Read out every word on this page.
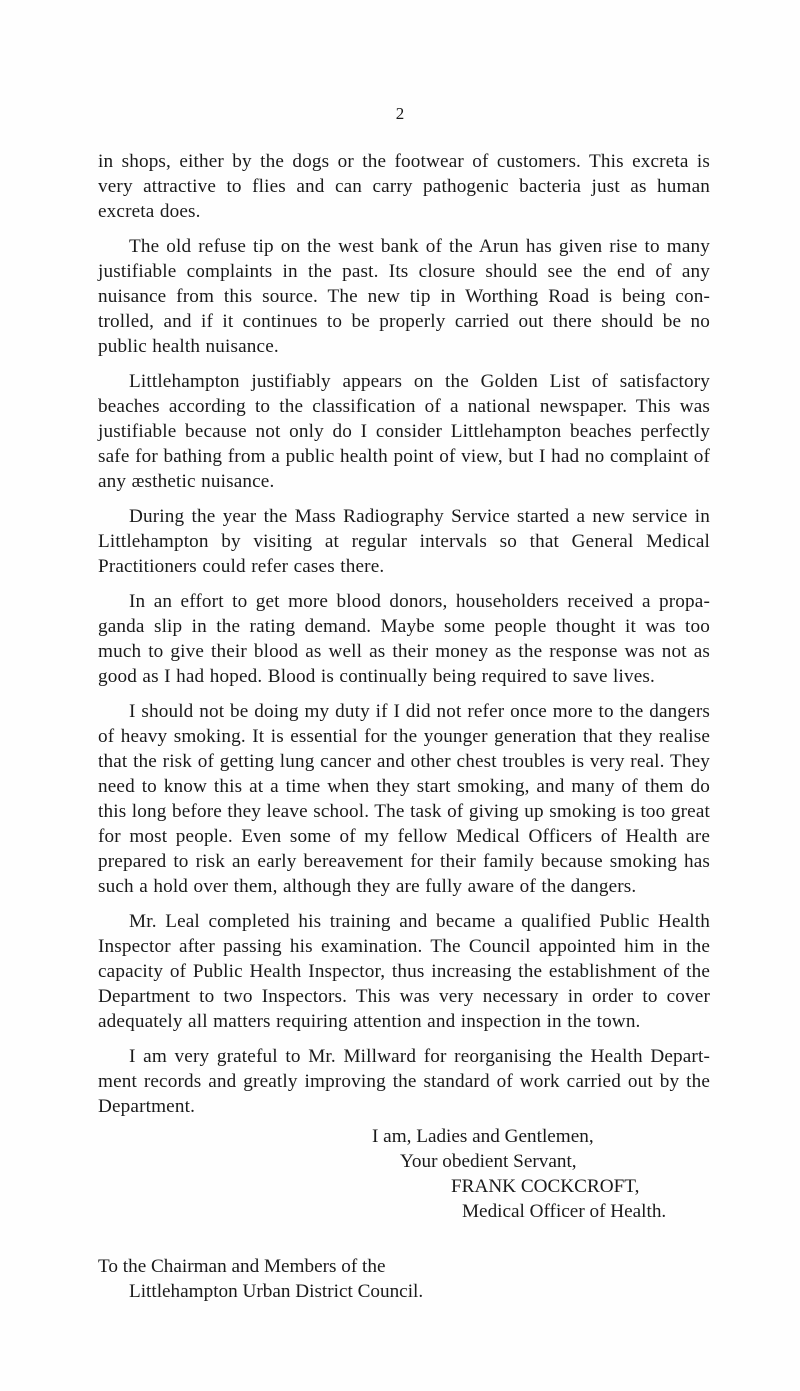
2

in shops, either by the dogs or the footwear of customers. This excreta is very attractive to flies and can carry pathogenic bacteria just as human excreta does.

The old refuse tip on the west bank of the Arun has given rise to many justifiable complaints in the past. Its closure should see the end of any nuisance from this source. The new tip in Worthing Road is being con- trolled, and if it continues to be properly carried out there should be no public health nuisance.

Littlehampton justifiably appears on the Golden List of satisfactory beaches according to the classification of a national newspaper. This was justifiable because not only do I consider Littlehampton beaches perfectly safe for bathing from a public health point of view, but I had no complaint of any æsthetic nuisance.

During the year the Mass Radiography Service started a new service in Littlehampton by visiting at regular intervals so that General Medical Practitioners could refer cases there.

In an effort to get more blood donors, householders received a propa- ganda slip in the rating demand. Maybe some people thought it was too much to give their blood as well as their money as the response was not as good as I had hoped. Blood is continually being required to save lives.

I should not be doing my duty if I did not refer once more to the dangers of heavy smoking. It is essential for the younger generation that they realise that the risk of getting lung cancer and other chest troubles is very real. They need to know this at a time when they start smoking, and many of them do this long before they leave school. The task of giving up smoking is too great for most people. Even some of my fellow Medical Officers of Health are prepared to risk an early bereavement for their family because smoking has such a hold over them, although they are fully aware of the dangers.

Mr. Leal completed his training and became a qualified Public Health Inspector after passing his examination. The Council appointed him in the capacity of Public Health Inspector, thus increasing the establishment of the Department to two Inspectors. This was very necessary in order to cover adequately all matters requiring attention and inspection in the town.

I am very grateful to Mr. Millward for reorganising the Health Depart- ment records and greatly improving the standard of work carried out by the Department.

I am, Ladies and Gentlemen,
Your obedient Servant,
FRANK COCKCROFT,
Medical Officer of Health.
To the Chairman and Members of the
Littlehampton Urban District Council.
